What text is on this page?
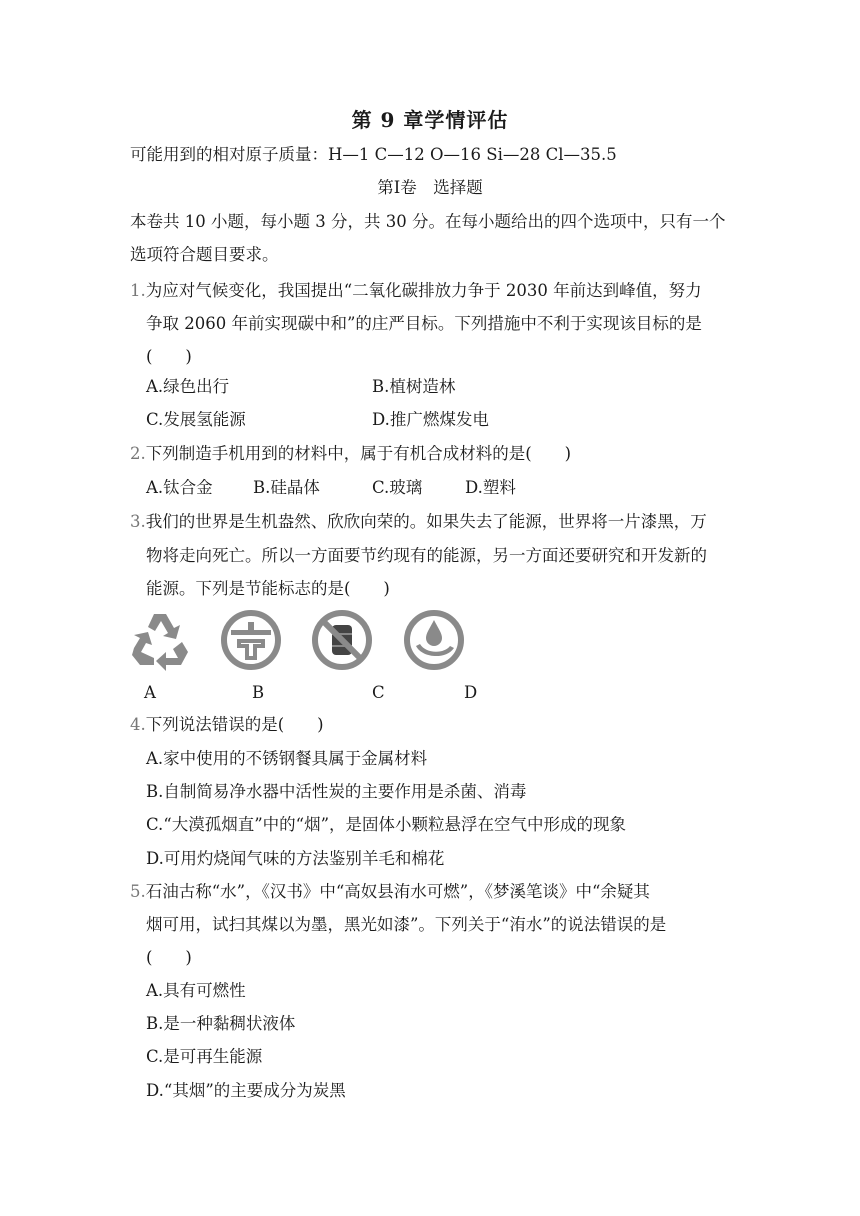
第 9 章学情评估
可能用到的相对原子质量：H—1 C—12 O—16 Si—28 Cl—35.5
第Ⅰ卷　选择题
本卷共 10 小题，每小题 3 分，共 30 分。在每小题给出的四个选项中，只有一个
选项符合题目要求。
1.为应对气候变化，我国提出“二氧化碳排放力争于 2030 年前达到峰值，努力
争取 2060 年前实现碳中和”的庄严目标。下列措施中不利于实现该目标的是
(　　)
A.绿色出行	B.植树造林
C.发展氢能源	D.推广燃煤发电
2.下列制造手机用到的材料中，属于有机合成材料的是(　　)
A.钛合金 B.硅晶体	C.玻璃	D.塑料
3.我们的世界是生机盎然、欣欣向荣的。如果失去了能源，世界将一片漆黑，万
物将走向死亡。所以一方面要节约现有的能源，另一方面还要研究和开发新的
能源。下列是节能标志的是(　　)
A	B	C	D
4.下列说法错误的是(　　)
A.家中使用的不锈钢餐具属于金属材料
B.自制简易净水器中活性炭的主要作用是杀菌、消毒
C.“大漠孤烟直”中的“烟”，是固体小颗粒悬浮在空气中形成的现象
D.可用灼烧闻气味的方法鉴别羊毛和棉花
5.石油古称“水”，《汉书》中“高奴县洧水可燃”，《梦溪笔谈》中“余疑其
烟可用，试扫其煤以为墨，黑光如漆”。下列关于“洧水”的说法错误的是
(　　)
A.具有可燃性
B.是一种黏稠状液体
C.是可再生能源
D.“其烟”的主要成分为炭黑
